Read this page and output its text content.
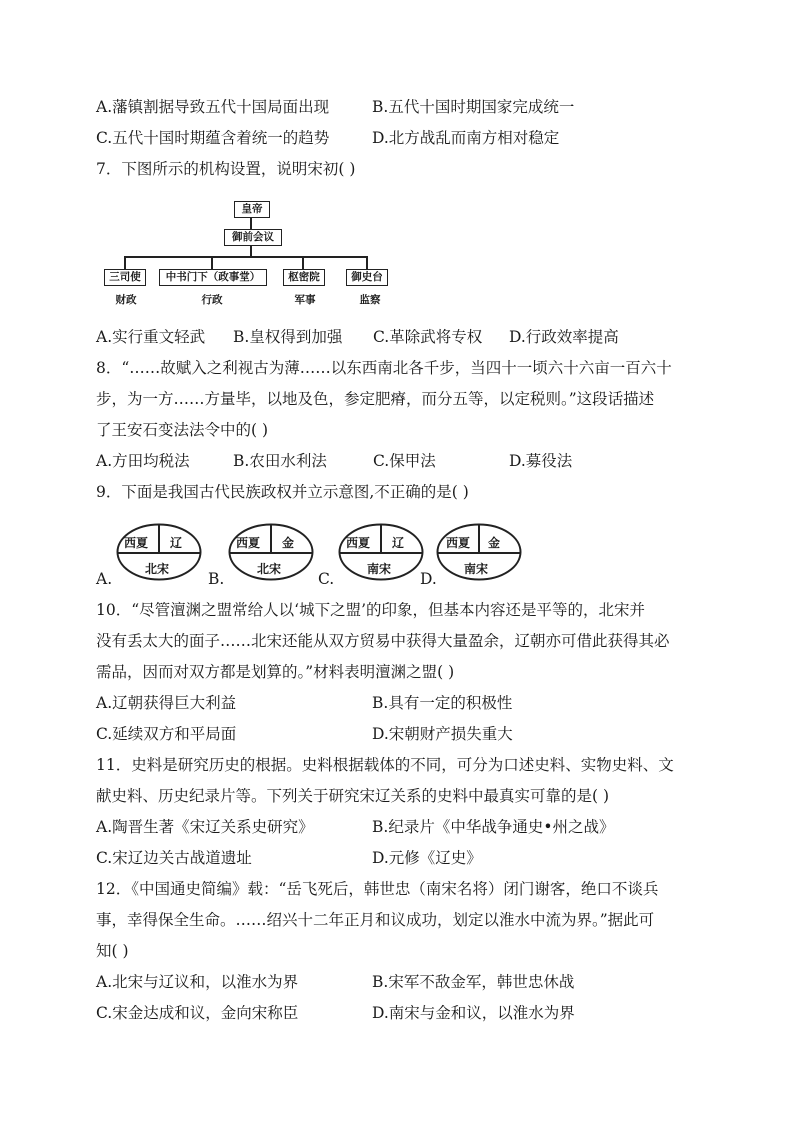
A.藩镇割据导致五代十国局面出现	B.五代十国时期国家完成统一
C.五代十国时期蕴含着统一的趋势	D.北方战乱而南方相对稳定
7．下图所示的机构设置，说明宋初( )
皇帝
御前会议
三司使	中书门下（政事堂）	枢密院	御史台
财政	行政	军事	监察
A.实行重文轻武 B.皇权得到加强 C.革除武将专权 D.行政效率提高
8．“……故赋入之利视古为薄……以东西南北各千步，当四十一顷六十六亩一百六十
步，为一方……方量毕，以地及色，参定肥瘠，而分五等，以定税则。”这段话描述
了王安石变法法令中的( )
A.方田均税法	B.农田水利法	C.保甲法	D.募役法
9．下面是我国古代民族政权并立示意图,不正确的是( )
A.
西夏 辽
北宋
B.
西夏 金
北宋
C.
西夏 辽
南宋
D.
西夏 金
南宋
10．“尽管澶渊之盟常给人以‘城下之盟’的印象，但基本内容还是平等的，北宋并
没有丢太大的面子……北宋还能从双方贸易中获得大量盈余，辽朝亦可借此获得其必
需品，因而对双方都是划算的。”材料表明澶渊之盟( )
A.辽朝获得巨大利益	B.具有一定的积极性
C.延续双方和平局面	D.宋朝财产损失重大
11．史料是研究历史的根据。史料根据载体的不同，可分为口述史料、实物史料、文
献史料、历史纪录片等。下列关于研究宋辽关系的史料中最真实可靠的是( )
A.陶晋生著《宋辽关系史研究》	B.纪录片《中华战争通史•州之战》
C.宋辽边关古战道遗址	D.元修《辽史》
12．《中国通史简编》载：“岳飞死后，韩世忠（南宋名将）闭门谢客，绝口不谈兵
事，幸得保全生命。……绍兴十二年正月和议成功，划定以淮水中流为界。”据此可
知( )
A.北宋与辽议和，以淮水为界	B.宋军不敌金军，韩世忠休战
C.宋金达成和议，金向宋称臣	D.南宋与金和议，以淮水为界
